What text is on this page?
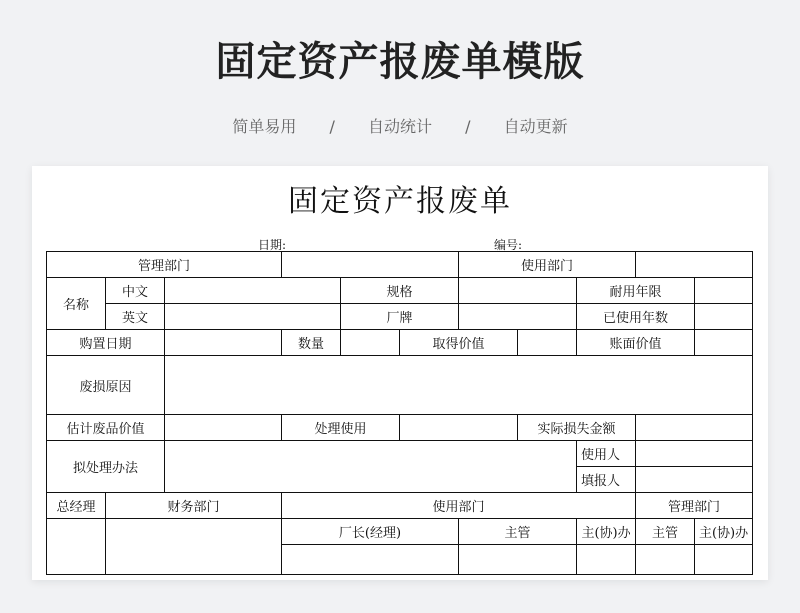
固定资产报废单模版
简单易用 / 自动统计 / 自动更新
固定资产报废单
日期:	编号:
管理部门						使用部门				
名称	中文			规格				耐用年限		
	英文			厂牌				已使用年数		
购置日期			数量		取得价值			账面价值		
废损原因										
估计废品价值			处理使用				实际损失金额			
拟处理办法								使用人		
								填报人		
总经理	财务部门		使用部门						管理部门	
			厂长(经理)			主管		主(协)办	主管	主(协)办
